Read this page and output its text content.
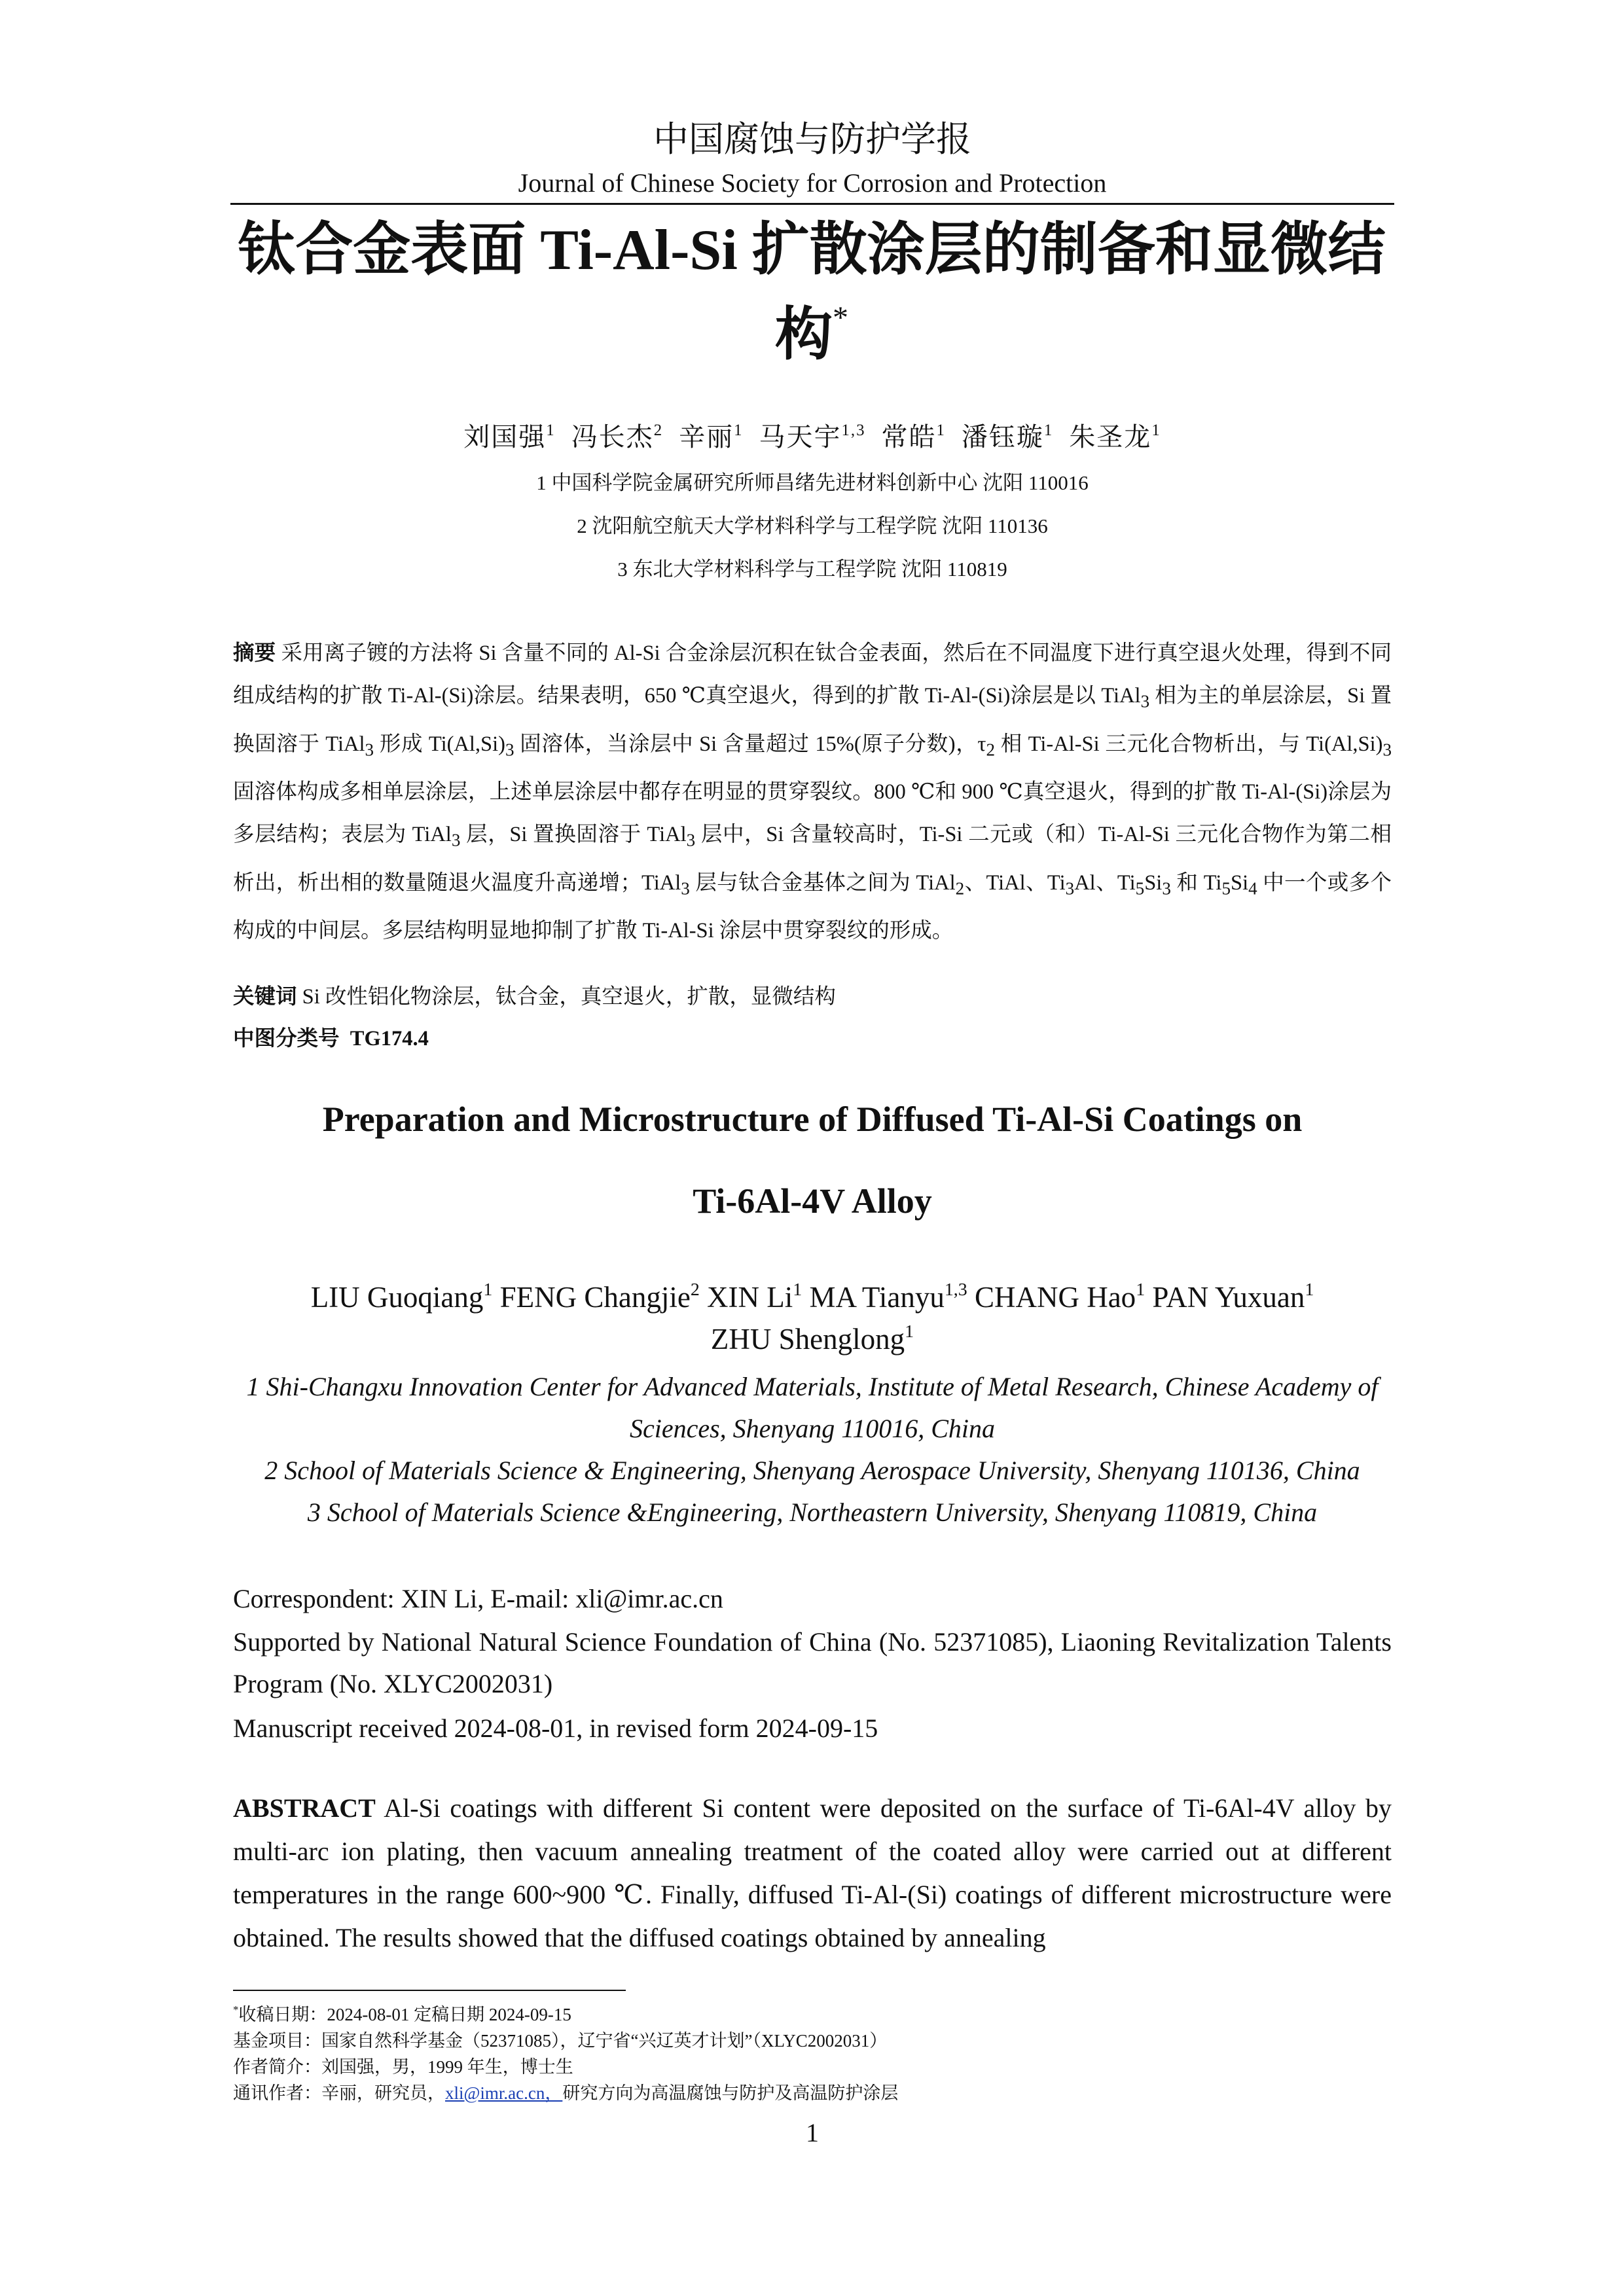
中国腐蚀与防护学报
Journal of Chinese Society for Corrosion and Protection
钛合金表面 Ti-Al-Si 扩散涂层的制备和显微结构*
刘国强$^1$ 冯长杰$^2$ 辛丽$^1$ 马天宇$^{1,3}$ 常皓$^1$ 潘钰璇$^1$ 朱圣龙$^1$
1 中国科学院金属研究所师昌绪先进材料创新中心 沈阳 110016
2 沈阳航空航天大学材料科学与工程学院 沈阳 110136
3 东北大学材料科学与工程学院 沈阳 110819
摘要 采用离子镀的方法将 Si 含量不同的 Al-Si 合金涂层沉积在钛合金表面，然后在不同温度下进行真空退火处理，得到不同组成结构的扩散 Ti-Al-(Si)涂层。结果表明，650 ℃真空退火，得到的扩散 Ti-Al-(Si)涂层是以 TiAl$_3$ 相为主的单层涂层，Si 置换固溶于 TiAl$_3$ 形成 $Ti(Al,Si)_3$ 固溶体，当涂层中 Si 含量超过 15%(原子分数)，$\tau_2$ 相 Ti-Al-Si 三元化合物析出，与 $Ti(Al,Si)_3$ 固溶体构成多相单层涂层，上述单层涂层中都存在明显的贯穿裂纹。800 ℃和 900 ℃真空退火，得到的扩散 Ti-Al-(Si)涂层为多层结构；表层为 TiAl$_3$ 层，Si 置换固溶于 TiAl$_3$ 层中，Si 含量较高时，Ti-Si 二元或（和）Ti-Al-Si 三元化合物作为第二相析出，析出相的数量随退火温度升高递增；TiAl$_3$ 层与钛合金基体之间为 TiAl$_2$、TiAl、$Ti_3Al$、$Ti_5Si_3$ 和 $Ti_5Si_4$ 中一个或多个构成的中间层。多层结构明显地抑制了扩散 Ti-Al-Si 涂层中贯穿裂纹的形成。
关键词 Si 改性铝化物涂层，钛合金，真空退火，扩散，显微结构
中图分类号 TG174.4
Preparation and Microstructure of Diffused Ti-Al-Si Coatings on
Ti-6Al-4V Alloy
LIU Guoqiang$^1$ FENG Changjie$^2$ XIN Li$^1$ MA Tianyu$^{1,3}$ CHANG Hao$^1$ PAN Yuxuan$^1$
ZHU Shenglong$^1$
1 Shi-Changxu Innovation Center for Advanced Materials, Institute of Metal Research, Chinese Academy of Sciences, Shenyang 110016, China
2 School of Materials Science & Engineering, Shenyang Aerospace University, Shenyang 110136, China
3 School of Materials Science &Engineering, Northeastern University, Shenyang 110819, China
Correspondent: XIN Li, E-mail: xli@imr.ac.cn
Supported by National Natural Science Foundation of China (No. 52371085), Liaoning Revitalization Talents Program (No. XLYC2002031)
Manuscript received 2024-08-01, in revised form 2024-09-15
ABSTRACT Al-Si coatings with different Si content were deposited on the surface of Ti-6Al-4V alloy by multi-arc ion plating, then vacuum annealing treatment of the coated alloy were carried out at different temperatures in the range 600~900 ℃. Finally, diffused Ti-Al-(Si) coatings of different microstructure were obtained. The results showed that the diffused coatings obtained by annealing
*收稿日期：2024-08-01 定稿日期 2024-09-15
基金项目：国家自然科学基金（52371085），辽宁省“兴辽英才计划”（XLYC2002031）
作者简介：刘国强，男，1999 年生，博士生
通讯作者：辛丽，研究员，xli@imr.ac.cn，研究方向为高温腐蚀与防护及高温防护涂层
1
